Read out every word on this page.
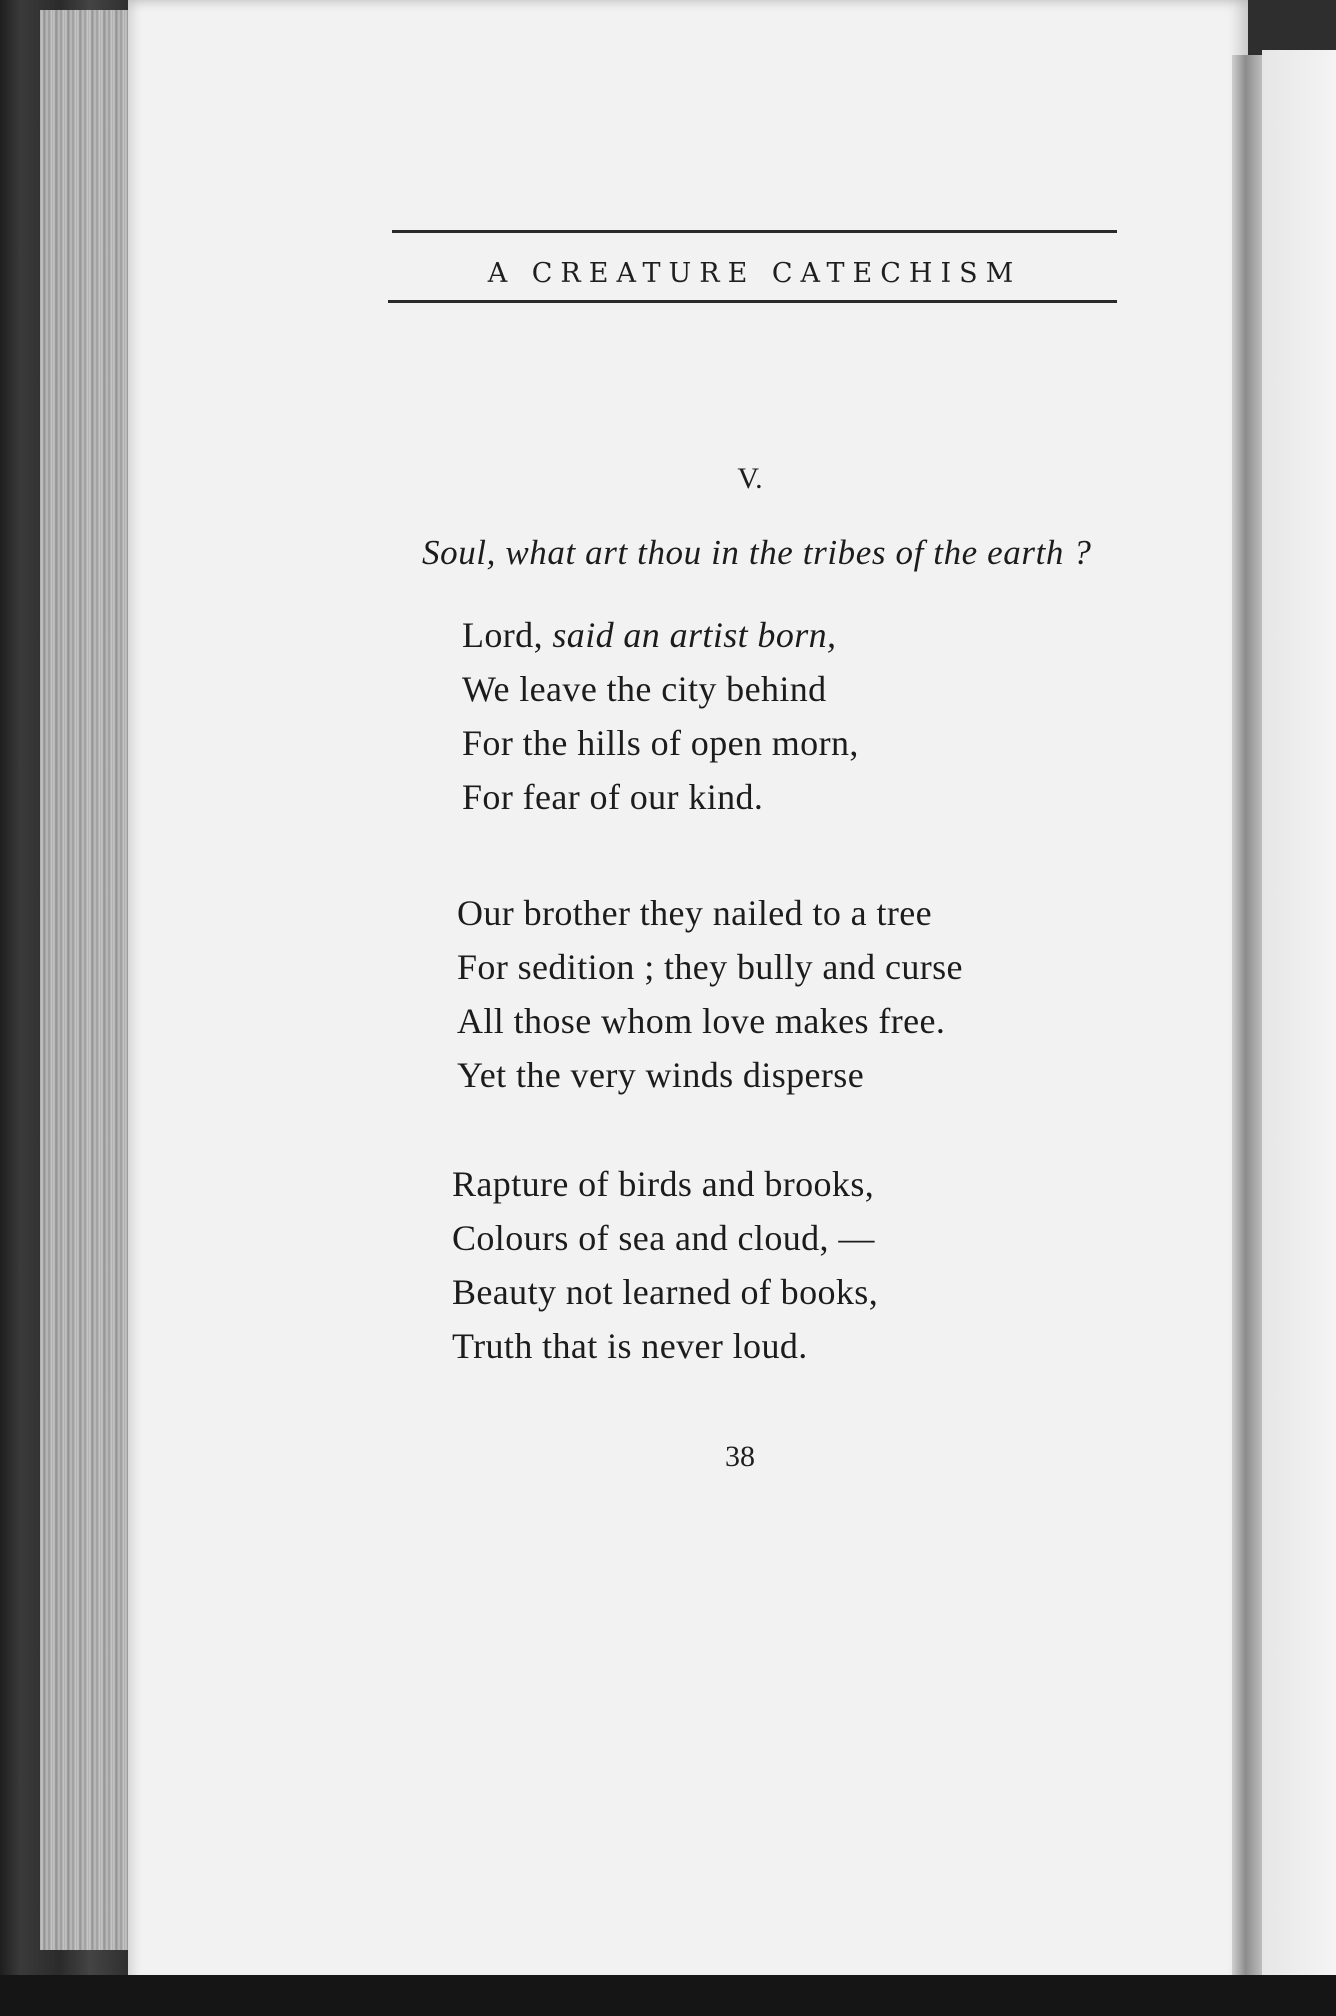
A CREATURE CATECHISM
V.
Soul, what art thou in the tribes of the earth ?
Lord, said an artist born,
We leave the city behind
For the hills of open morn,
For fear of our kind.
Our brother they nailed to a tree
For sedition ; they bully and curse
All those whom love makes free.
Yet the very winds disperse
Rapture of birds and brooks,
Colours of sea and cloud, —
Beauty not learned of books,
Truth that is never loud.
38
